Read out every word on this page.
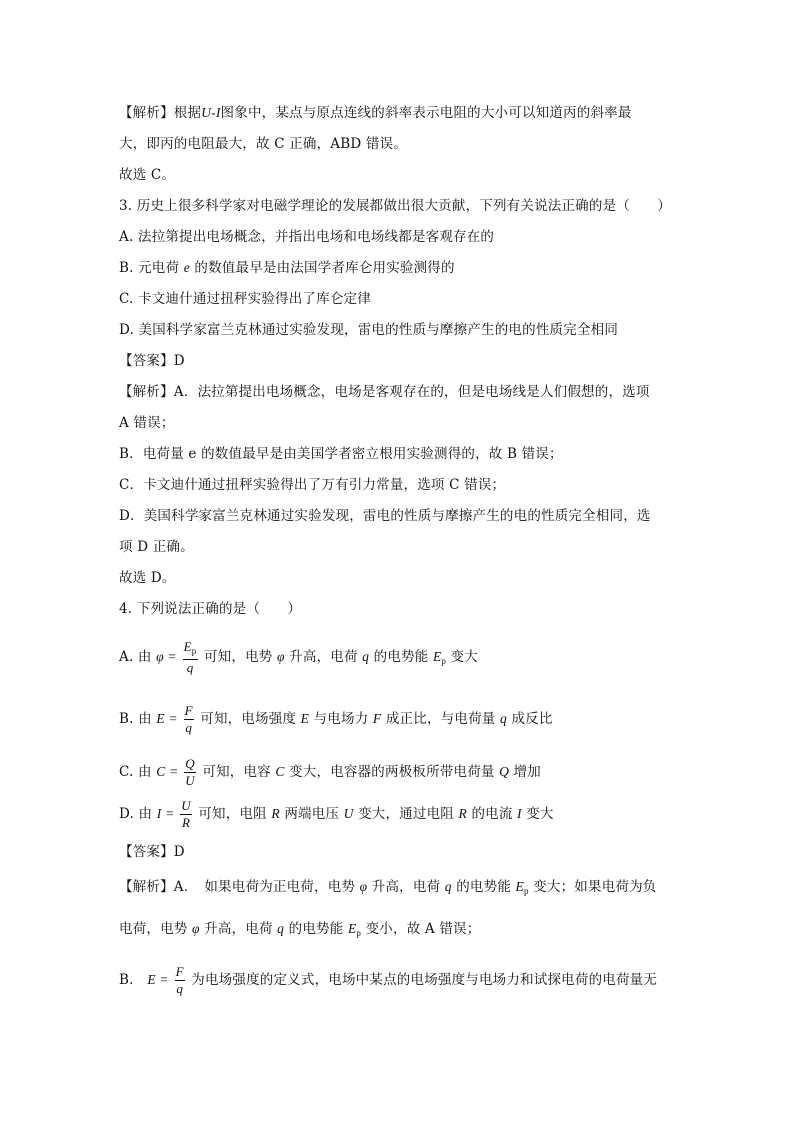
【解析】根据U-I图象中，某点与原点连线的斜率表示电阻的大小可以知道丙的斜率最
大，即丙的电阻最大，故 C 正确，ABD 错误。
故选 C。
3. 历史上很多科学家对电磁学理论的发展都做出很大贡献，下列有关说法正确的是（　　）
A. 法拉第提出电场概念，并指出电场和电场线都是客观存在的
B. 元电荷 e 的数值最早是由法国学者库仑用实验测得的
C. 卡文迪什通过扭秤实验得出了库仑定律
D. 美国科学家富兰克林通过实验发现，雷电的性质与摩擦产生的电的性质完全相同
【答案】D
【解析】A．法拉第提出电场概念，电场是客观存在的，但是电场线是人们假想的，选项
A 错误；
B．电荷量 e 的数值最早是由美国学者密立根用实验测得的，故 B 错误；
C．卡文迪什通过扭秤实验得出了万有引力常量，选项 C 错误；
D．美国科学家富兰克林通过实验发现，雷电的性质与摩擦产生的电的性质完全相同，选
项 D 正确。
故选 D。
4. 下列说法正确的是（　　）
A. 由 $\varphi = \frac{E_p}{q}$ 可知，电势 φ 升高，电荷 q 的电势能 $E_p$ 变大
B. 由 $E = \frac{F}{q}$ 可知，电场强度 E 与电场力 F 成正比，与电荷量 q 成反比
C. 由 $C = \frac{Q}{U}$ 可知，电容 C 变大，电容器的两极板所带电荷量 Q 增加
D. 由 $I = \frac{U}{R}$ 可知，电阻 R 两端电压 U 变大，通过电阻 R 的电流 I 变大
【答案】D
【解析】A．　如果电荷为正电荷，电势 φ 升高，电荷 q 的电势能 $E_p$ 变大；如果电荷为负
电荷，电势 φ 升高，电荷 q 的电势能 $E_p$ 变小，故 A 错误；
B． $E = \frac{F}{q}$ 为电场强度的定义式，电场中某点的电场强度与电场力和试探电荷的电荷量无
